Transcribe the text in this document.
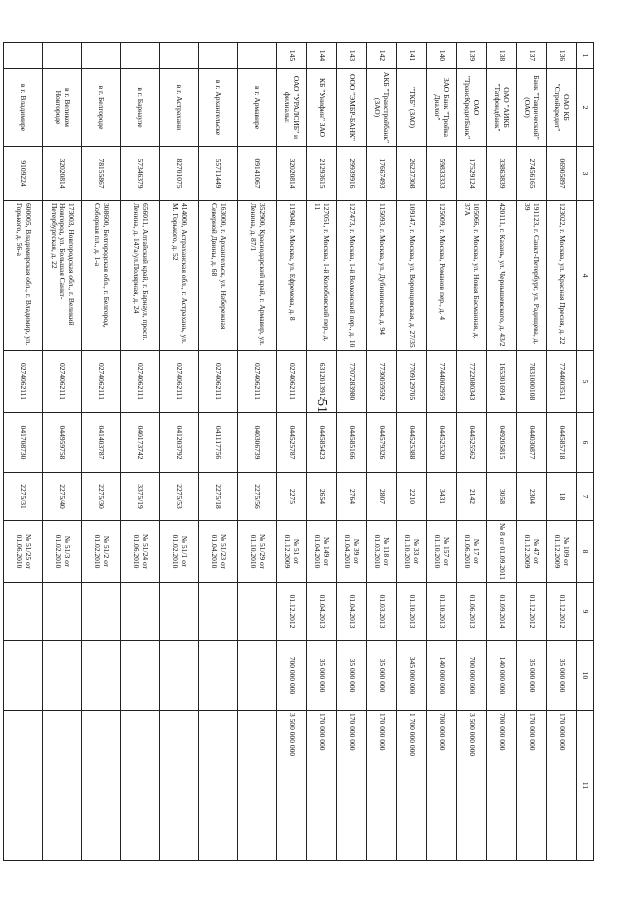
51
1	2	3	4	5	6	7	8	9	10	11
136	ОАО КБ "Стройкредит"	06905897	123022, г. Москва, ул. Красная Пресня, д. 22	7744003511	044585718	18	№ 109 от 01.12.2009	01.12.2012	35 000 000	170 000 000
137	Банк "Таврический" (ОАО)	27456165	191123, г. Санкт-Петербург, ул. Радищева, д. 39	7831000108	044030877	2304	№ 47 от 01.12.2009	01.12.2012	35 000 000	170 000 000
138	ОАО "АИКБ "Татфондбанк"	33863839	420111, г. Казань, ул. Чернышевского, д. 43/2	1653016914	049205815	3058	№ 8 от 01.09.2011	01.09.2014	140 000 000	700 000 000
139	ОАО "ТрансКредитБанк"	17529124	105066, г. Москва, ул. Новая Басманная, д. 37А	7722080343	044525562	2142	№ 17 от 01.06.2010	01.06.2013	700 000 000	3 500 000 000
140	ЗАО Банк "Тройка Диалог"	59833333	125009, г. Москва, Романов пер., д. 4	7744002959	044525320	3431	№ 157 от 01.10.2010	01.10.2013	140 000 000	700 000 000
141	"ТКБ" (ЗАО)	26237308	109147, г. Москва, ул. Воронцовская, д. 27/35	7709129705	044525388	2210	№ 33 от 01.10.2010	01.10.2013	345 000 000	1 700 000 000
142	АКБ "Транстройбанк" (ЗАО)	17667493	115093, г. Москва, ул. Дубининская, д. 94	7730059592	044579326	2807	№ 118 от 01.03.2010	01.03.2013	35 000 000	170 000 000
143	ООО "ЭМБР-БАНК"	29939916	127473, г. Москва, 1-й Волконский пер., д. 10	7707283980	044585166	2764	№ 39 от 01.04.2010	01.04.2013	35 000 000	170 000 000
144	КБ "Унифин" ЗАО	21293615	127051, г. Москва, 1-й Колобовский пер., д. 11	6312013912	044585423	2654	№ 149 от 01.04.2010	01.04.2013	35 000 000	170 000 000
145	ОАО "УРАЛСИБ" и филиалы:	32020814	119048, г. Москва, ул. Ефремова, д. 8	0274062111	044525787	2275	№ 51 от 01.12.2009	01.12.2012	700 000 000	3 500 000 000
	в г. Армавире	09141067	352900, Краснодарский край, г. Армавир, ул. Ленина, д. 87/1	0274062111	040306739	2275/56	№ 51/29 от 01.10.2010			
	в г. Архангельске	55711449	163000, г. Архангельск, ул. Набережная Северной Двины, д. 68	0274062111	041117756	2275/18	№ 51/23 от 01.04.2010			
	в г. Астрахани	82701075	414000, Астраханская обл., г. Астрахань, ул. М. Горького, д. 52	0274062111	041203792	2275/53	№ 51/1 от 01.02.2010			
	в г. Барнауле	57346379	656011, Алтайский край, г. Барнаул, просп. Ленина, д. 147а/ул.Полярная, д. 24	0274062111	040173742	3375/19	№ 51/24 от 01.06.2010			
	в г. Белгороде	78155867	308600, Белгородская обл., г. Белгород, Соборная пл., д. 1-а	0274062111	041403787	2275/30	№ 51/2 от 01.02.2010			
	в г. Великом Новгороде	32020814	173003, Новгородская обл., г. Великий Новгород, ул. Большая Санкт-Петербургская, д. 22	0274062111	044959758	2275/40	№ 51/3 от 01.02.2010			
	в г. Владимире	9109224	600005, Владимирская обл., г. Владимир, ул. Горького, д. 56-а	0274062111	041708730	2275/31	№ 51/25 от 01.06.2010			
